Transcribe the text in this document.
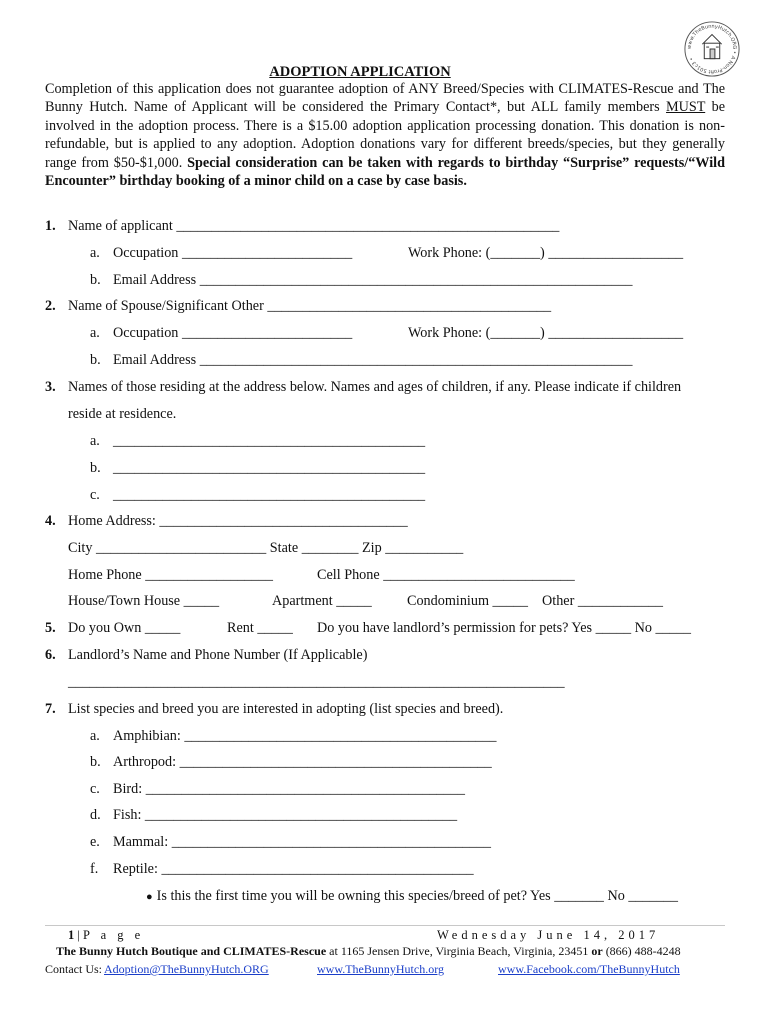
www.TheBunnyHutch.ORG • A Non-Profit 501c3 •
ADOPTION APPLICATION
Completion of this application does not guarantee adoption of ANY Breed/Species with CLIMATES-Rescue and The Bunny Hutch. Name of Applicant will be considered the Primary Contact*, but ALL family members MUST be involved in the adoption process. There is a $15.00 adoption application processing donation. This donation is non-refundable, but is applied to any adoption. Adoption donations vary for different breeds/species, but they generally range from $50-$1,000. Special consideration can be taken with regards to birthday “Surprise” requests/“Wild Encounter” birthday booking of a minor child on a case by case basis.
1. Name of applicant ______________________________________________________
a. Occupation ________________________	Work Phone: (_______) ___________________
b. Email Address _____________________________________________________________
2. Name of Spouse/Significant Other ________________________________________
a. Occupation ________________________	Work Phone: (_______) ___________________
b. Email Address _____________________________________________________________
3. Names of those residing at the address below. Names and ages of children, if any. Please indicate if children
reside at residence.
a. ____________________________________________
b. ____________________________________________
c. ____________________________________________
4. Home Address: ___________________________________
City ________________________ State ________ Zip ___________
Home Phone __________________	Cell Phone ___________________________
House/Town House _____	Apartment _____ Condominium _____ Other ____________
5. Do you Own _____	Rent _____ Do you have landlord’s permission for pets? Yes _____ No _____
6. Landlord’s Name and Phone Number (If Applicable)
______________________________________________________________________
7. List species and breed you are interested in adopting (list species and breed).
a. Amphibian: ____________________________________________
b. Arthropod: ____________________________________________
c. Bird: _____________________________________________
d. Fish: ____________________________________________
e. Mammal: _____________________________________________
f. Reptile: ____________________________________________
● Is this the first time you will be owning this species/breed of pet? Yes _______ No _______
1 | P a g e	Wednesday June 14, 2017
The Bunny Hutch Boutique and CLIMATES-Rescue at 1165 Jensen Drive, Virginia Beach, Virginia, 23451 or (866) 488-4248
Contact Us: Adoption@TheBunnyHutch.ORG	www.TheBunnyHutch.org	www.Facebook.com/TheBunnyHutch
